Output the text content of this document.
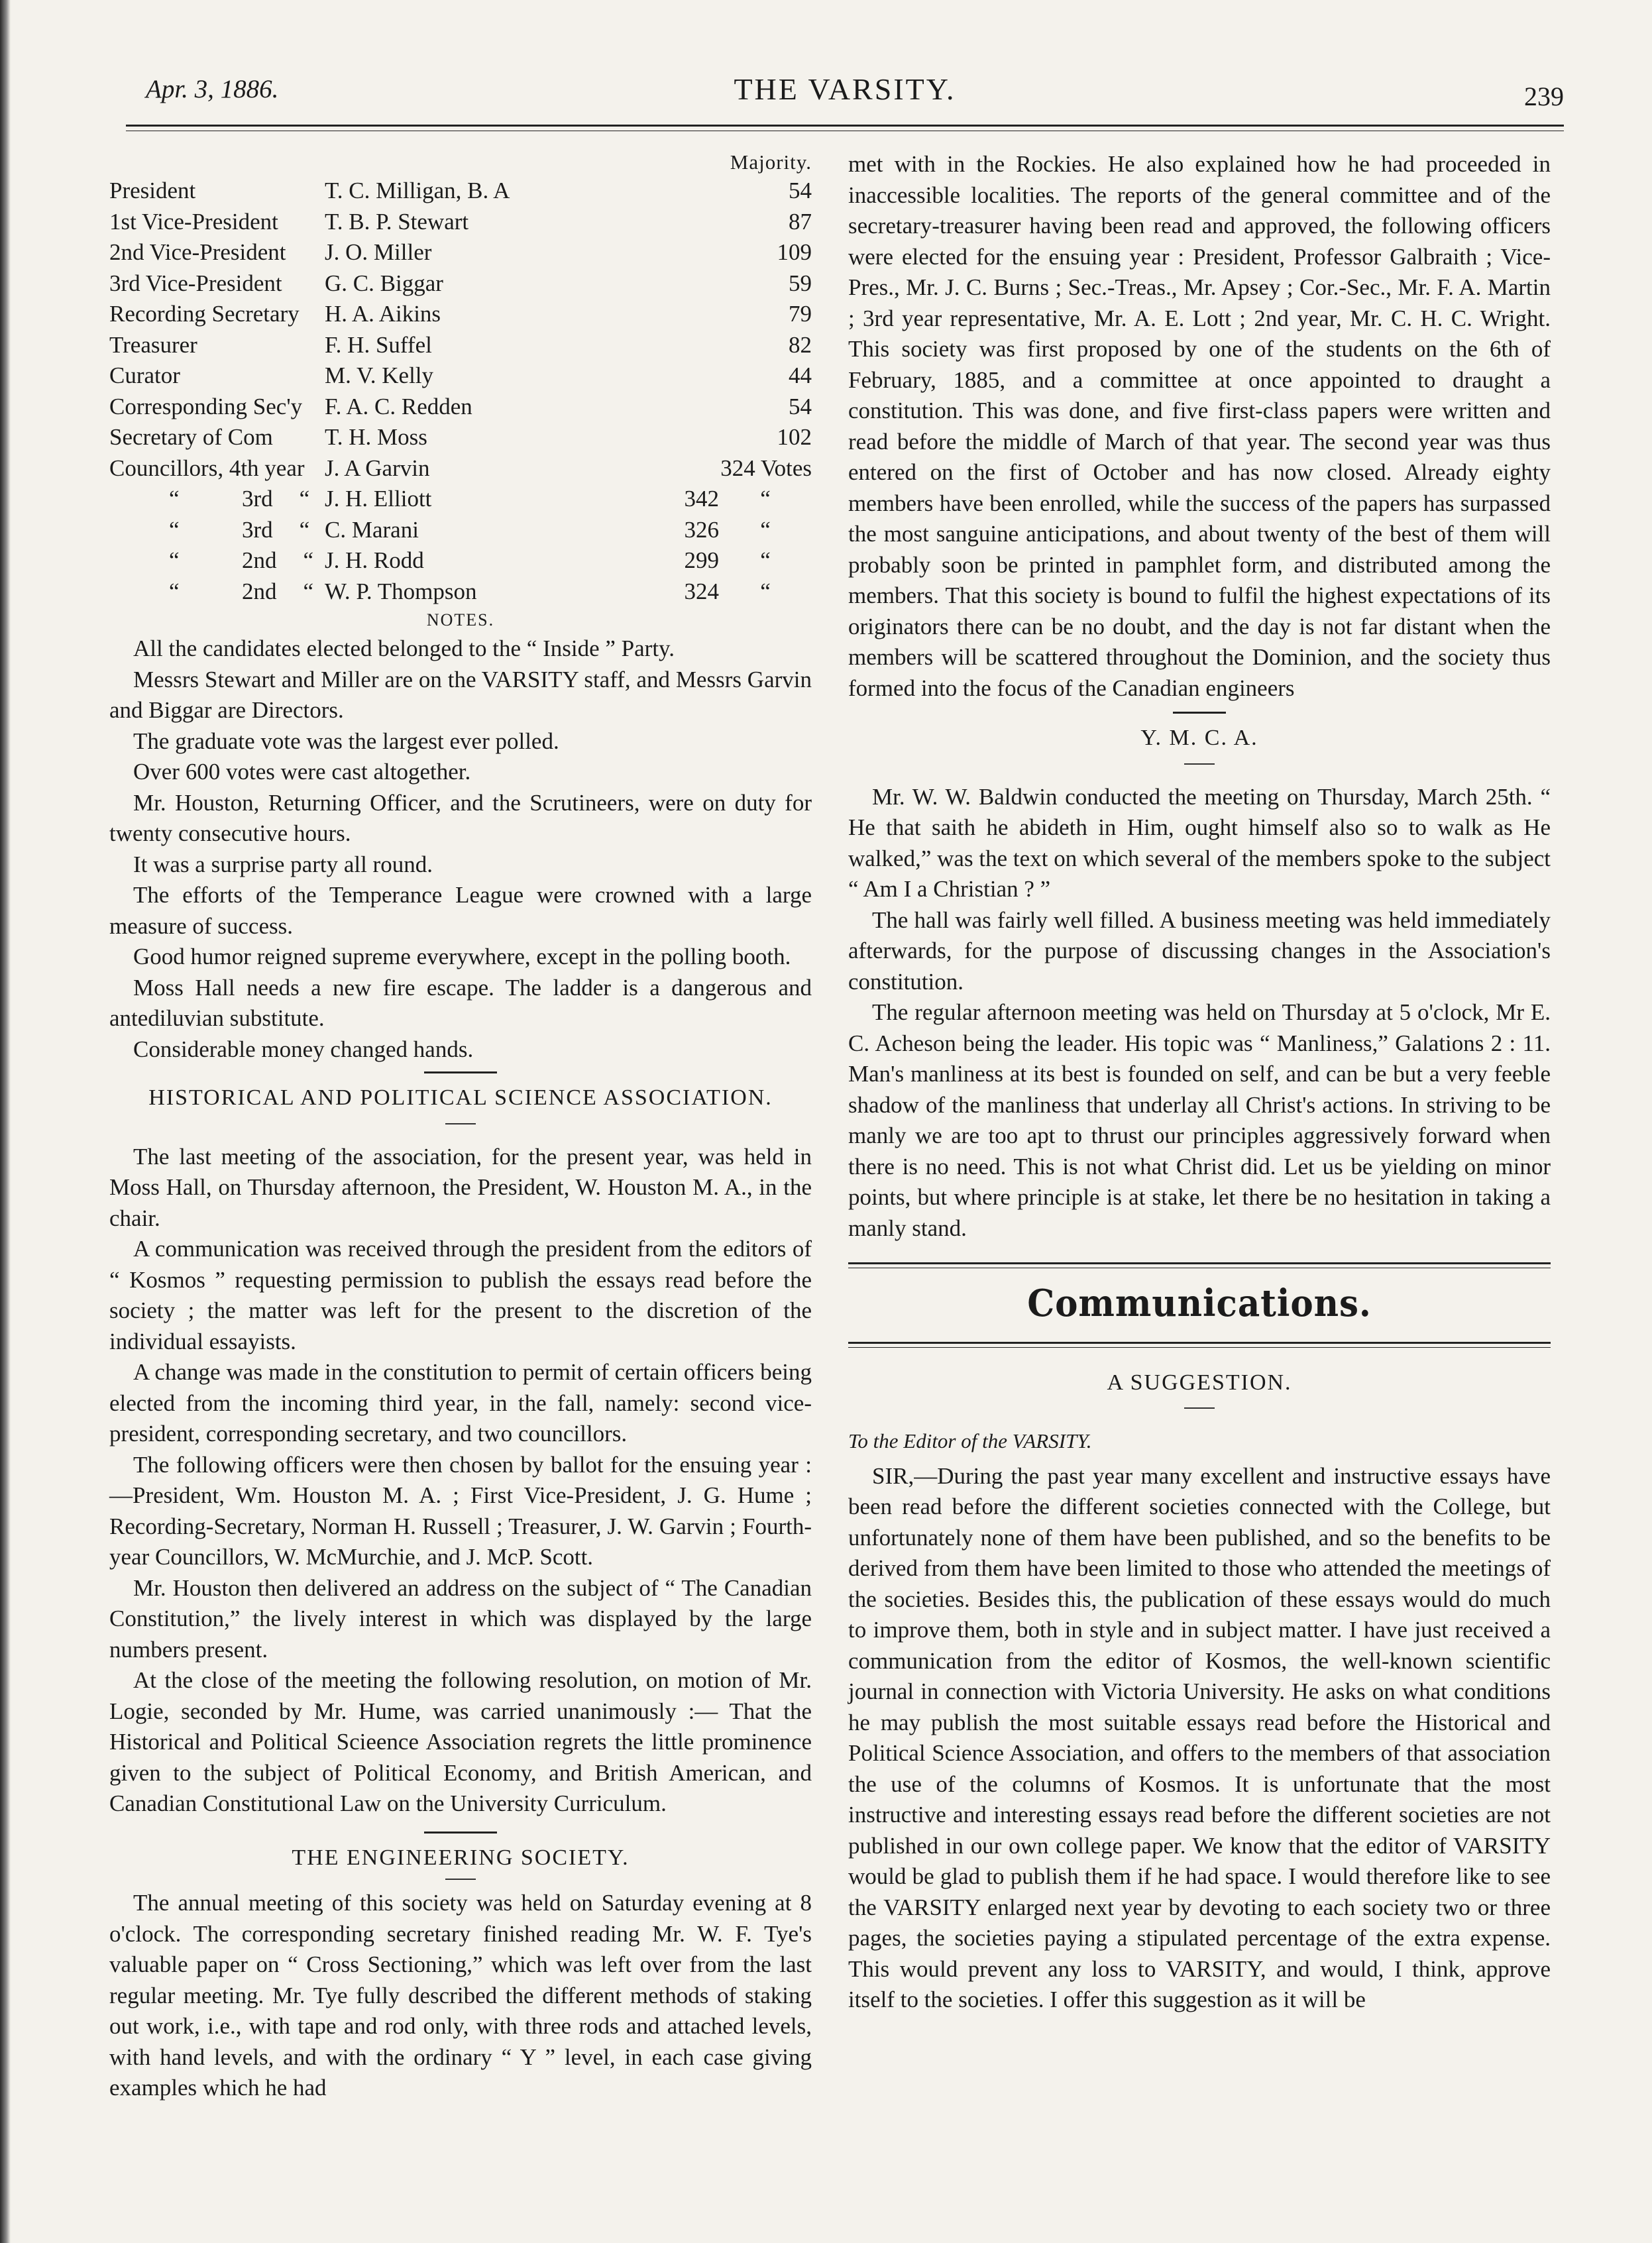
Apr. 3, 1886.	THE VARSITY.	239
Majority.		
President	T. C. Milligan, B. A	54
1st Vice-President	T. B. P. Stewart	87
2nd Vice-President	J. O. Miller	109
3rd Vice-President	G. C. Biggar	59
Recording Secretary	H. A. Aikins	79
Treasurer	F. H. Suffel	82
Curator	M. V. Kelly	44
Corresponding Sec'y	F. A. C. Redden	54
Secretary of Com	T. H. Moss	102
Councillors, 4th year	J. A Garvin	324 Votes
“ 3rd “	J. H. Elliott	342 “
“ 3rd “	C. Marani	326 “
“ 2nd “	J. H. Rodd	299 “
“ 2nd “	W. P. Thompson	324 “
NOTES.

All the candidates elected belonged to the “ Inside ” Party.

Messrs Stewart and Miller are on the VARSITY staff, and Messrs Garvin and Biggar are Directors.

The graduate vote was the largest ever polled.

Over 600 votes were cast altogether.

Mr. Houston, Returning Officer, and the Scrutineers, were on duty for twenty consecutive hours.

It was a surprise party all round.

The efforts of the Temperance League were crowned with a large measure of success.

Good humor reigned supreme everywhere, except in the polling booth.

Moss Hall needs a new fire escape. The ladder is a dangerous and antediluvian substitute.

Considerable money changed hands.

HISTORICAL AND POLITICAL SCIENCE ASSOCIATION.

The last meeting of the association, for the present year, was held in Moss Hall, on Thursday afternoon, the President, W. Houston M. A., in the chair.

A communication was received through the president from the editors of “ Kosmos ” requesting permission to publish the essays read before the society ; the matter was left for the present to the discretion of the individual essayists.

A change was made in the constitution to permit of certain officers being elected from the incoming third year, in the fall, namely: second vice-president, corresponding secretary, and two councillors.

The following officers were then chosen by ballot for the ensuing year :—President, Wm. Houston M. A. ; First Vice-President, J. G. Hume ; Recording-Secretary, Norman H. Russell ; Treasurer, J. W. Garvin ; Fourth-year Councillors, W. McMurchie, and J. McP. Scott.

Mr. Houston then delivered an address on the subject of “ The Canadian Constitution,” the lively interest in which was displayed by the large numbers present.

At the close of the meeting the following resolution, on motion of Mr. Logie, seconded by Mr. Hume, was carried unanimously :— That the Historical and Political Scieence Association regrets the little prominence given to the subject of Political Economy, and British American, and Canadian Constitutional Law on the University Curriculum.

THE ENGINEERING SOCIETY.

The annual meeting of this society was held on Saturday evening at 8 o'clock. The corresponding secretary finished reading Mr. W. F. Tye's valuable paper on “ Cross Sectioning,” which was left over from the last regular meeting. Mr. Tye fully described the different methods of staking out work, i.e., with tape and rod only, with three rods and attached levels, with hand levels, and with the ordinary “ Y ” level, in each case giving examples which he had

met with in the Rockies. He also explained how he had proceeded in inaccessible localities. The reports of the general committee and of the secretary-treasurer having been read and approved, the following officers were elected for the ensuing year : President, Professor Galbraith ; Vice-Pres., Mr. J. C. Burns ; Sec.-Treas., Mr. Apsey ; Cor.-Sec., Mr. F. A. Martin ; 3rd year representative, Mr. A. E. Lott ; 2nd year, Mr. C. H. C. Wright. This society was first proposed by one of the students on the 6th of February, 1885, and a committee at once appointed to draught a constitution. This was done, and five first-class papers were written and read before the middle of March of that year. The second year was thus entered on the first of October and has now closed. Already eighty members have been enrolled, while the success of the papers has surpassed the most sanguine anticipations, and about twenty of the best of them will probably soon be printed in pamphlet form, and distributed among the members. That this society is bound to fulfil the highest expectations of its originators there can be no doubt, and the day is not far distant when the members will be scattered throughout the Dominion, and the society thus formed into the focus of the Canadian engineers

Y. M. C. A.

Mr. W. W. Baldwin conducted the meeting on Thursday, March 25th. “ He that saith he abideth in Him, ought himself also so to walk as He walked,” was the text on which several of the members spoke to the subject “ Am I a Christian ? ”

The hall was fairly well filled. A business meeting was held immediately afterwards, for the purpose of discussing changes in the Association's constitution.

The regular afternoon meeting was held on Thursday at 5 o'clock, Mr E. C. Acheson being the leader. His topic was “ Manliness,” Galations 2 : 11. Man's manliness at its best is founded on self, and can be but a very feeble shadow of the manliness that underlay all Christ's actions. In striving to be manly we are too apt to thrust our principles aggressively forward when there is no need. This is not what Christ did. Let us be yielding on minor points, but where principle is at stake, let there be no hesitation in taking a manly stand.

Communications.
A SUGGESTION.
To the Editor of the VARSITY.

SIR,—During the past year many excellent and instructive essays have been read before the different societies connected with the College, but unfortunately none of them have been published, and so the benefits to be derived from them have been limited to those who attended the meetings of the societies. Besides this, the publication of these essays would do much to improve them, both in style and in subject matter. I have just received a communication from the editor of Kosmos, the well-known scientific journal in connection with Victoria University. He asks on what conditions he may publish the most suitable essays read before the Historical and Political Science Association, and offers to the members of that association the use of the columns of Kosmos. It is unfortunate that the most instructive and interesting essays read before the different societies are not published in our own college paper. We know that the editor of VARSITY would be glad to publish them if he had space. I would therefore like to see the VARSITY enlarged next year by devoting to each society two or three pages, the societies paying a stipulated percentage of the extra expense. This would prevent any loss to VARSITY, and would, I think, approve itself to the societies. I offer this suggestion as it will be
